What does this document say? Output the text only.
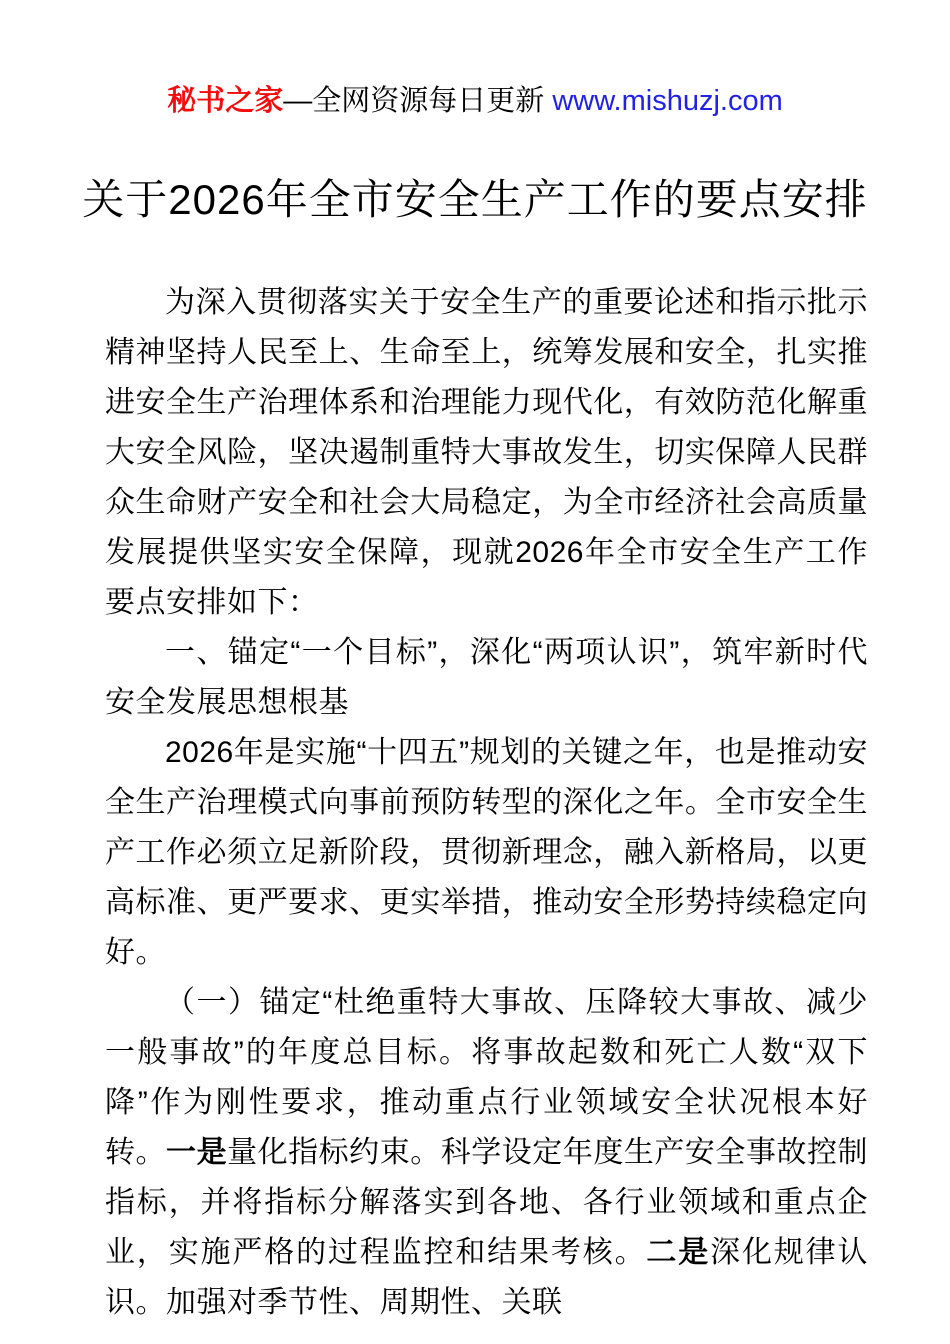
秘书之家—全网资源每日更新 www.mishuzj.com
关于2026年全市安全生产工作的要点安排

为深入贯彻落实关于安全生产的重要论述和指示批示精神坚持人民至上、生命至上，统筹发展和安全，扎实推进安全生产治理体系和治理能力现代化，有效防范化解重大安全风险，坚决遏制重特大事故发生，切实保障人民群众生命财产安全和社会大局稳定，为全市经济社会高质量发展提供坚实安全保障，现就2026年全市安全生产工作要点安排如下：

一、锚定“一个目标”，深化“两项认识”，筑牢新时代安全发展思想根基

2026年是实施“十四五”规划的关键之年，也是推动安全生产治理模式向事前预防转型的深化之年。全市安全生产工作必须立足新阶段，贯彻新理念，融入新格局，以更高标准、更严要求、更实举措，推动安全形势持续稳定向好。

（一）锚定“杜绝重特大事故、压降较大事故、减少一般事故”的年度总目标。将事故起数和死亡人数“双下降”作为刚性要求，推动重点行业领域安全状况根本好转。一是量化指标约束。科学设定年度生产安全事故控制指标，并将指标分解落实到各地、各行业领域和重点企业，实施严格的过程监控和结果考核。二是深化规律认识。加强对季节性、周期性、关联
